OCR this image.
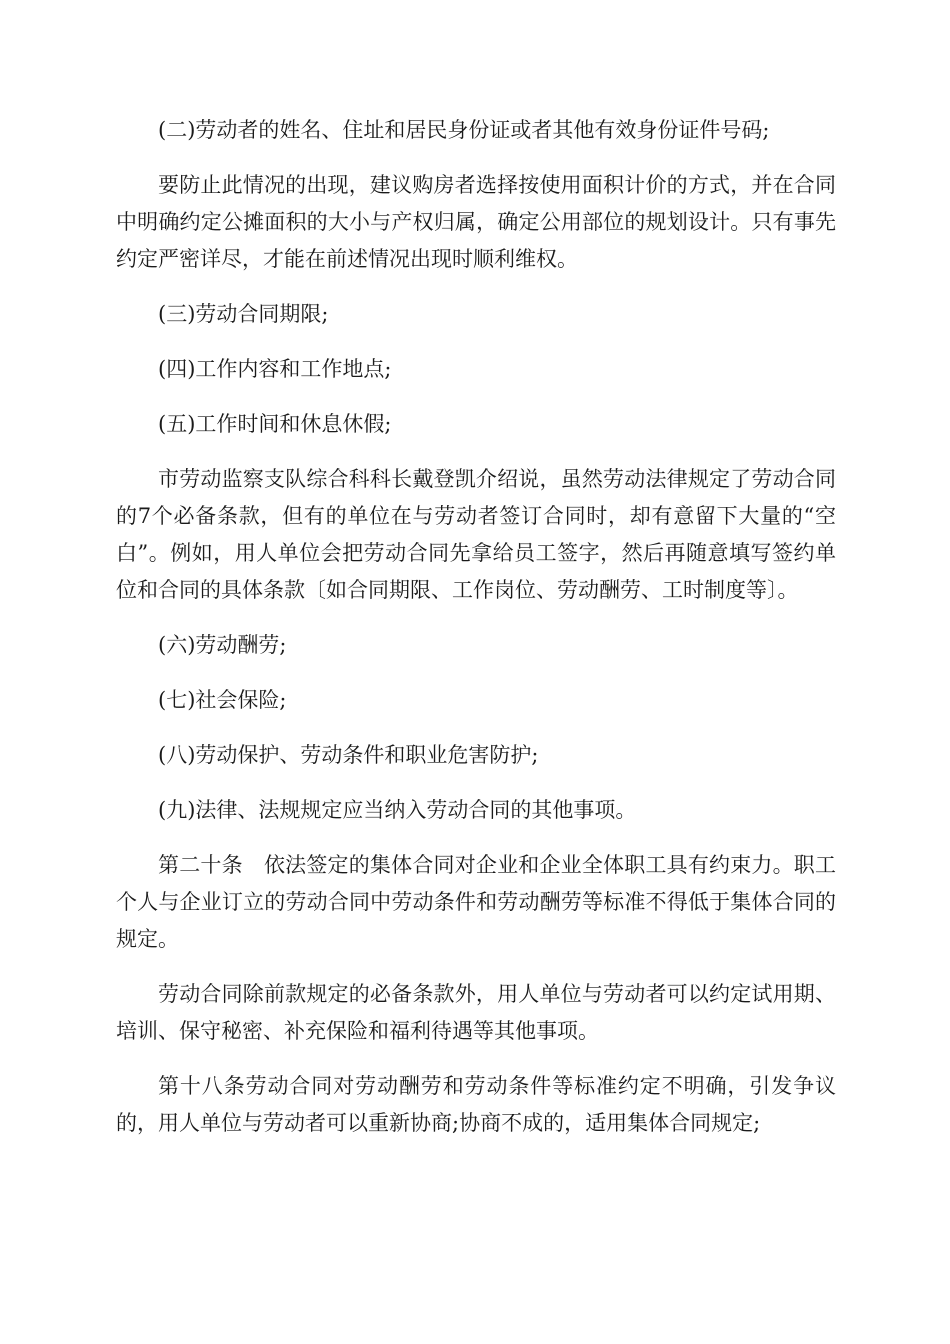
(二)劳动者的姓名、住址和居民身份证或者其他有效身份证件号码;

要防止此情况的出现，建议购房者选择按使用面积计价的方式，并在合同中明确约定公摊面积的大小与产权归属，确定公用部位的规划设计。只有事先约定严密详尽，才能在前述情况出现时顺利维权。

(三)劳动合同期限;

(四)工作内容和工作地点;

(五)工作时间和休息休假;

市劳动监察支队综合科科长戴登凯介绍说，虽然劳动法律规定了劳动合同的7个必备条款，但有的单位在与劳动者签订合同时，却有意留下大量的“空白”。例如，用人单位会把劳动合同先拿给员工签字，然后再随意填写签约单位和合同的具体条款〔如合同期限、工作岗位、劳动酬劳、工时制度等〕。

(六)劳动酬劳;

(七)社会保险;

(八)劳动保护、劳动条件和职业危害防护;

(九)法律、法规规定应当纳入劳动合同的其他事项。

第二十条　依法签定的集体合同对企业和企业全体职工具有约束力。职工个人与企业订立的劳动合同中劳动条件和劳动酬劳等标准不得低于集体合同的规定。

劳动合同除前款规定的必备条款外，用人单位与劳动者可以约定试用期、培训、保守秘密、补充保险和福利待遇等其他事项。

第十八条劳动合同对劳动酬劳和劳动条件等标准约定不明确，引发争议的，用人单位与劳动者可以重新协商;协商不成的，适用集体合同规定;
